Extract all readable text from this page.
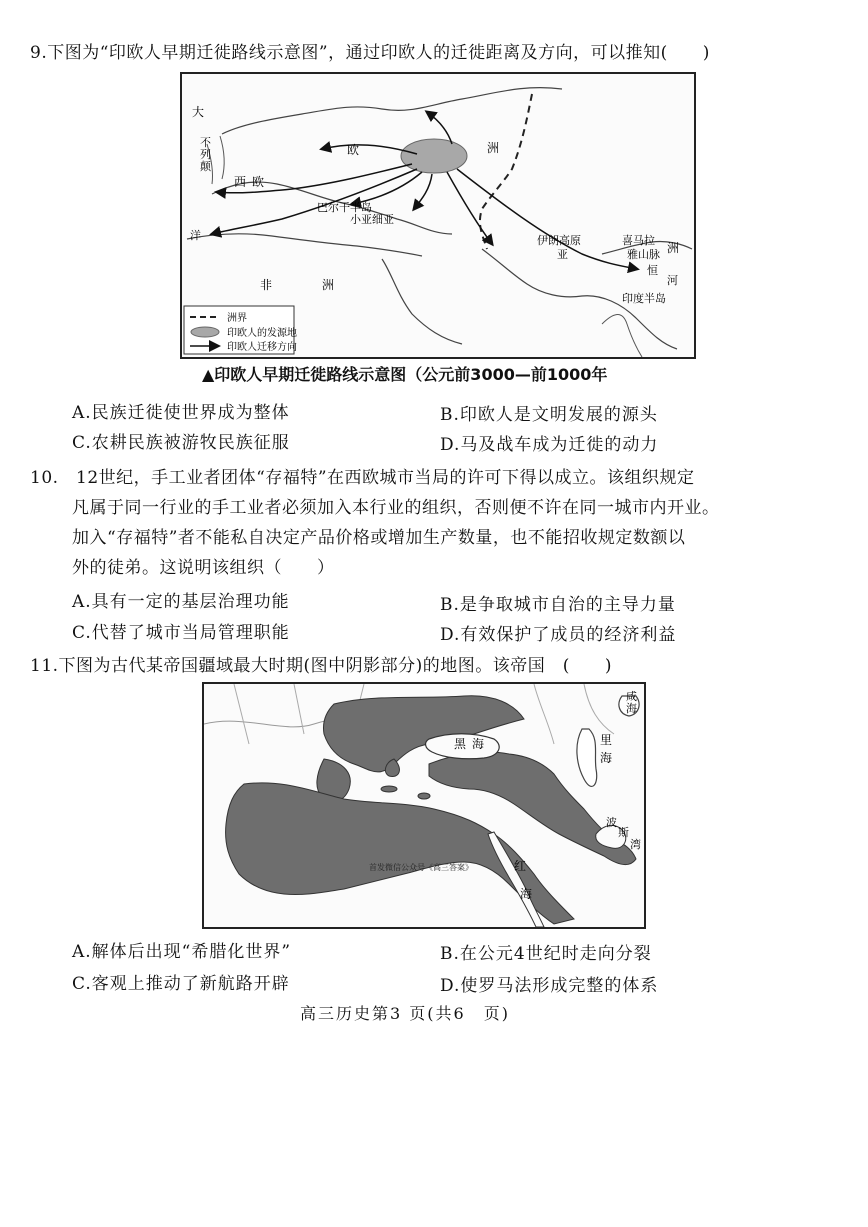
9.下图为“印欧人早期迁徙路线示意图”，通过印欧人的迁徙距离及方向，可以推知(　　)
大
不
列
颠
西 欧
欧	洲
巴尔干半岛
小亚细亚
伊朗高原
亚
洋
非	洲
喜马拉
雅山脉
恒
河
印度半岛
洲
洲界
印欧人的发源地
印欧人迁移方向
▲印欧人早期迁徙路线示意图（公元前3000—前1000年
A.民族迁徙使世界成为整体	B.印欧人是文明发展的源头
C.农耕民族被游牧民族征服	D.马及战车成为迁徙的动力
10.　12世纪，手工业者团体“存福特”在西欧城市当局的许可下得以成立。该组织规定
凡属于同一行业的手工业者必须加入本行业的组织，否则便不许在同一城市内开业。
加入“存福特”者不能私自决定产品价格或增加生产数量，也不能招收规定数额以
外的徒弟。这说明该组织（　　）
A.具有一定的基层治理功能	B.是争取城市自治的主导力量
C.代替了城市当局管理职能	D.有效保护了成员的经济利益
11.下图为古代某帝国疆域最大时期(图中阴影部分)的地图。该帝国　(　　)
黑 海	里
海
咸
海
波
斯
湾
红
海
首发微信公众号《高三答案》
A.解体后出现“希腊化世界”	B.在公元4世纪时走向分裂
C.客观上推动了新航路开辟	D.使罗马法形成完整的体系
高三历史第3 页(共6　页)
